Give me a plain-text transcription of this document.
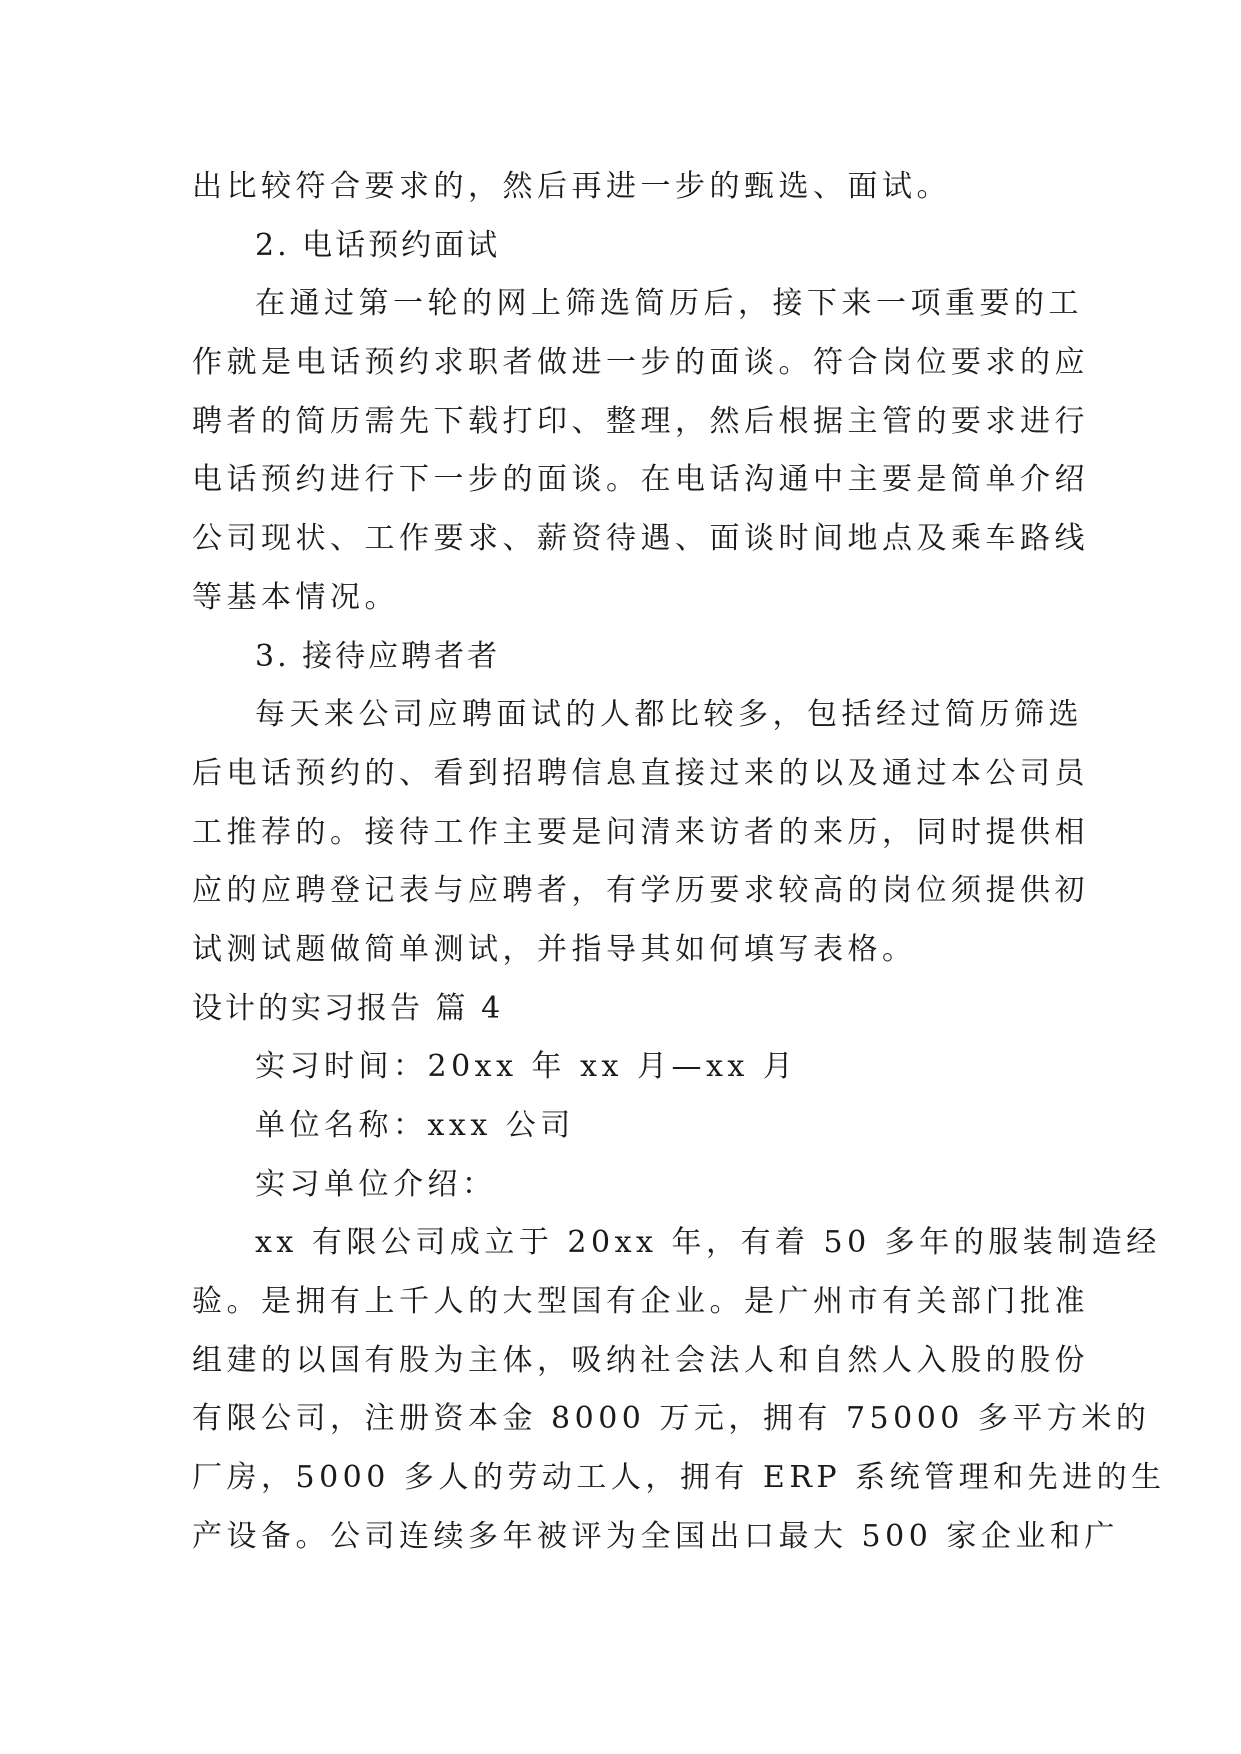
出比较符合要求的，然后再进一步的甄选、面试。
2. 电话预约面试
在通过第一轮的网上筛选简历后，接下来一项重要的工
作就是电话预约求职者做进一步的面谈。符合岗位要求的应
聘者的简历需先下载打印、整理，然后根据主管的要求进行
电话预约进行下一步的面谈。在电话沟通中主要是简单介绍
公司现状、工作要求、薪资待遇、面谈时间地点及乘车路线
等基本情况。
3. 接待应聘者者
每天来公司应聘面试的人都比较多，包括经过简历筛选
后电话预约的、看到招聘信息直接过来的以及通过本公司员
工推荐的。接待工作主要是问清来访者的来历，同时提供相
应的应聘登记表与应聘者，有学历要求较高的岗位须提供初
试测试题做简单测试，并指导其如何填写表格。
设计的实习报告 篇 4
实习时间：20xx 年 xx 月—xx 月
单位名称：xxx 公司
实习单位介绍：
xx 有限公司成立于 20xx 年，有着 50 多年的服装制造经
验。是拥有上千人的大型国有企业。是广州市有关部门批准
组建的以国有股为主体，吸纳社会法人和自然人入股的股份
有限公司，注册资本金 8000 万元，拥有 75000 多平方米的
厂房，5000 多人的劳动工人，拥有 ERP 系统管理和先进的生
产设备。公司连续多年被评为全国出口最大 500 家企业和广
